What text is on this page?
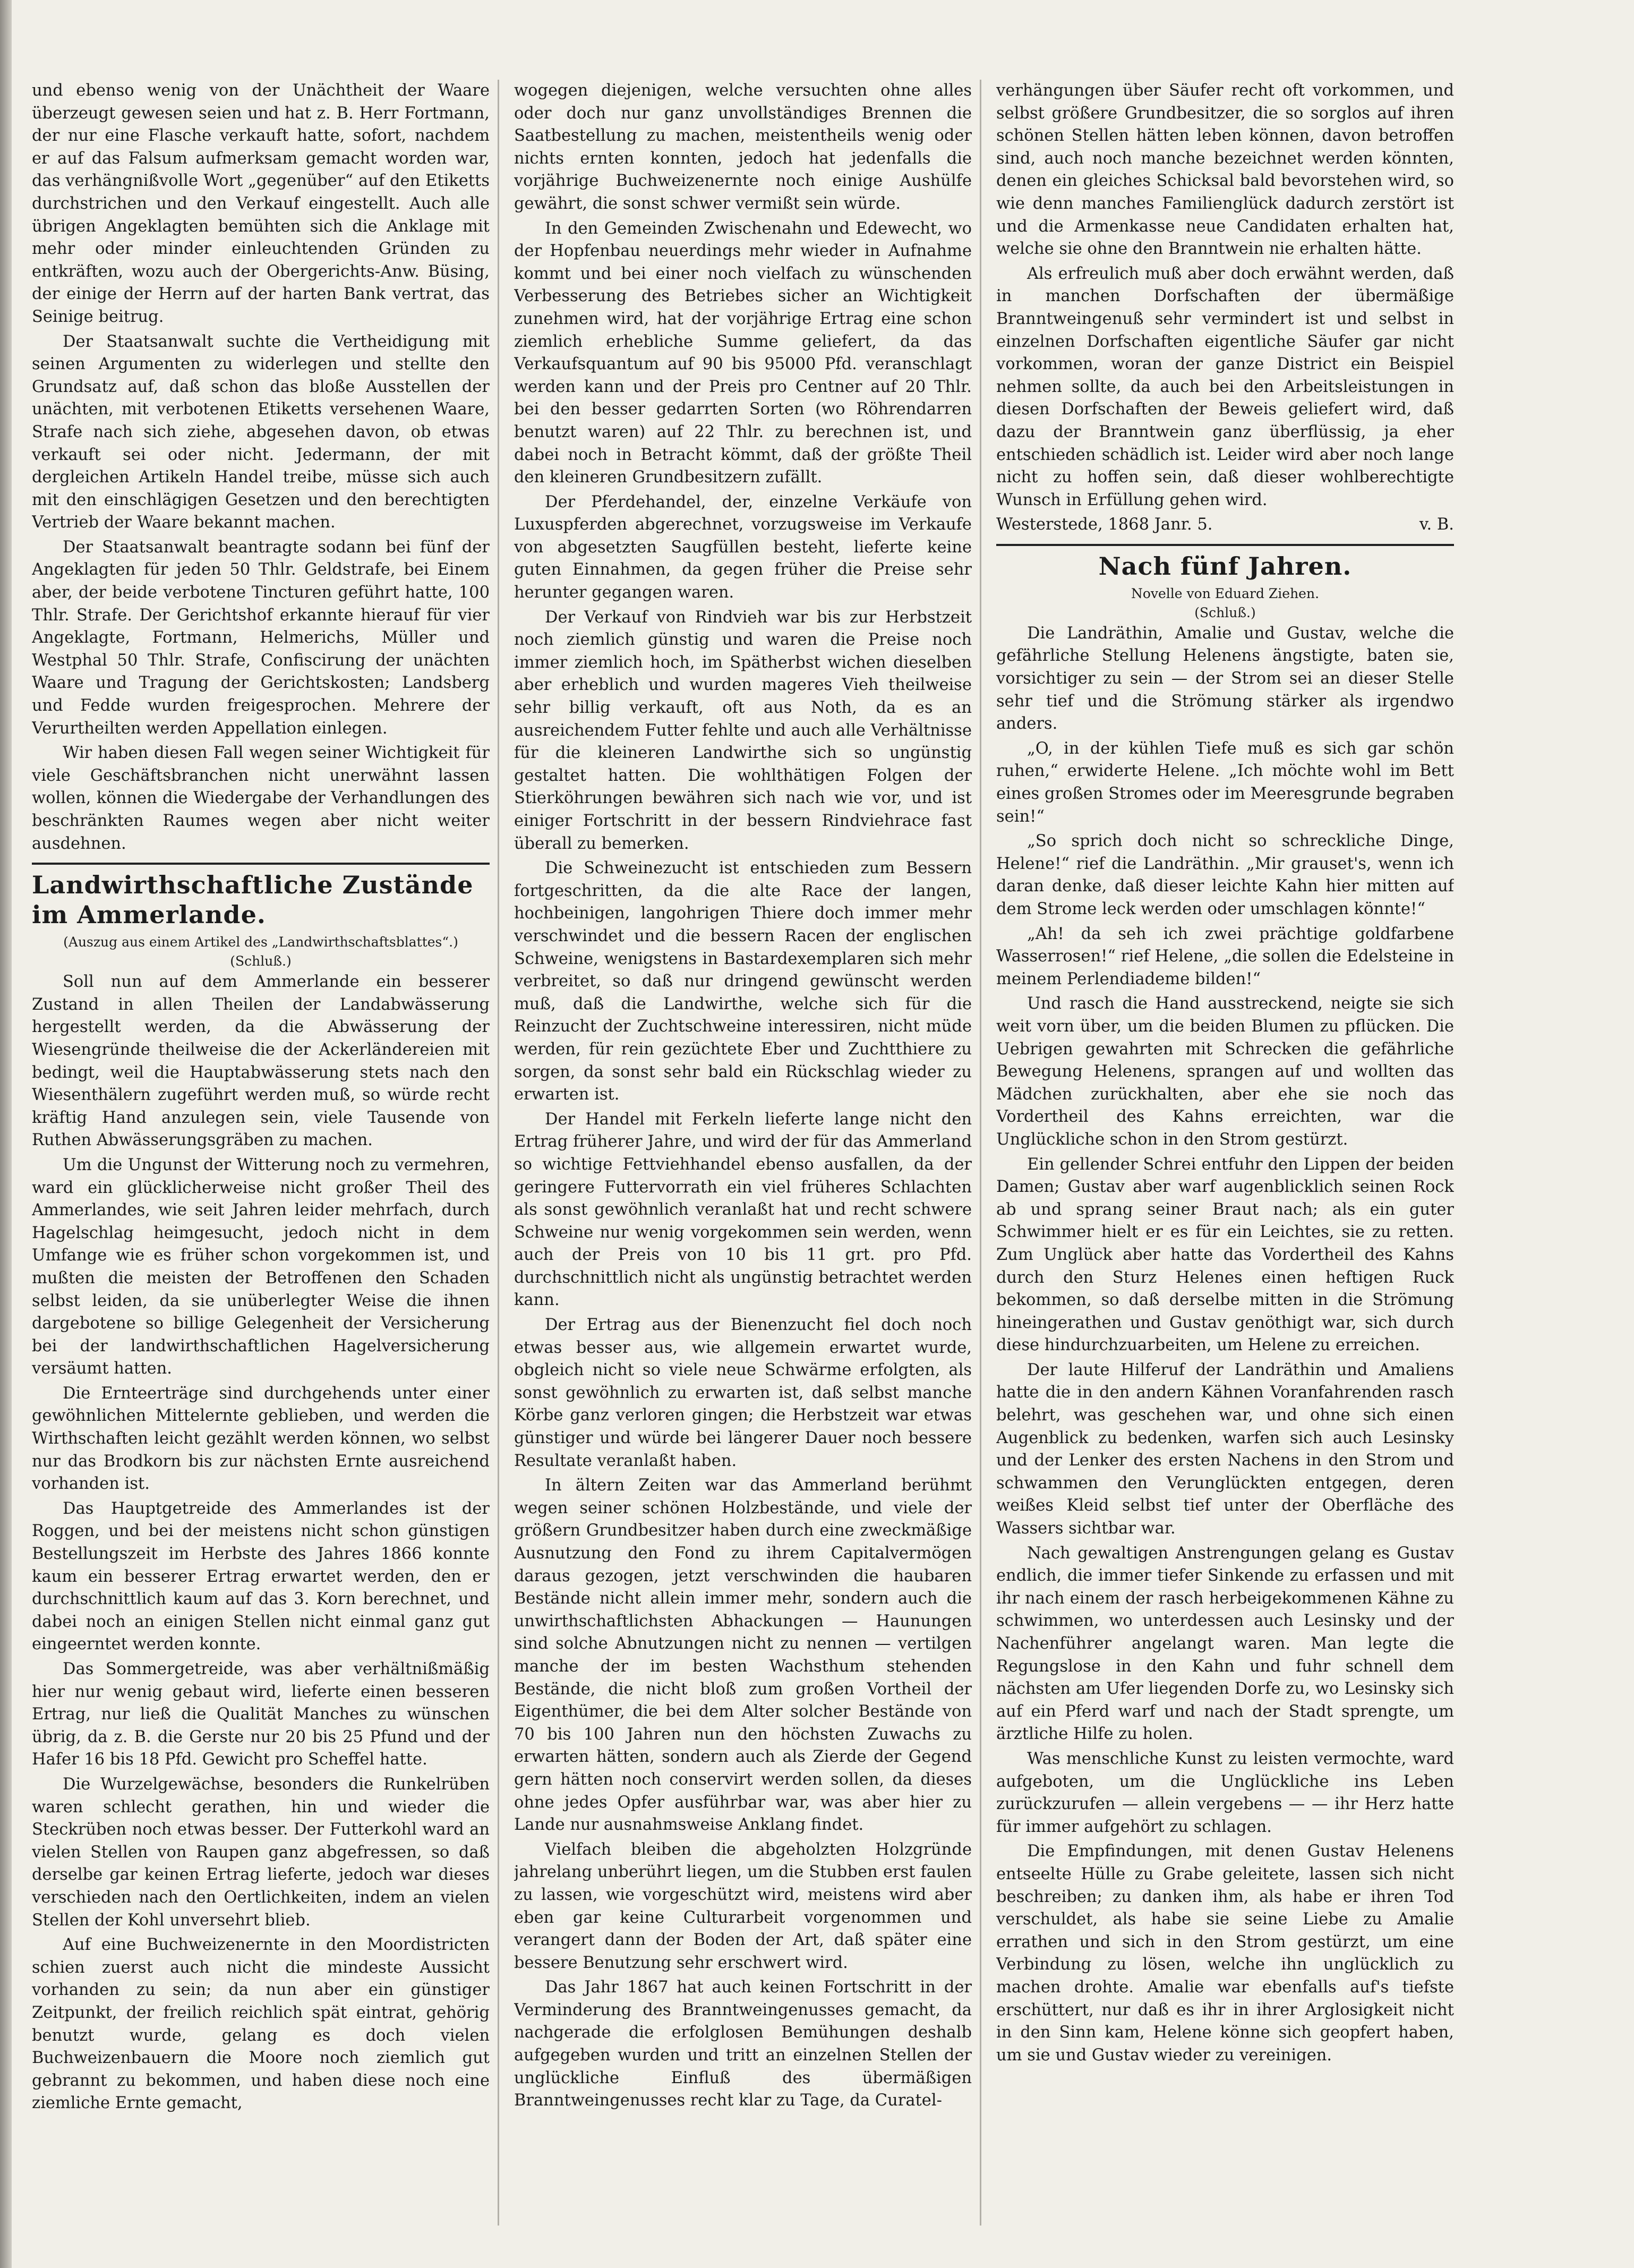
und ebenso wenig von der Unächtheit der Waare überzeugt gewesen seien und hat z. B. Herr Fortmann, der nur eine Flasche verkauft hatte, sofort, nachdem er auf das Falsum aufmerksam gemacht worden war, das verhängnißvolle Wort „gegenüber“ auf den Etiketts durchstrichen und den Verkauf eingestellt. Auch alle übrigen Angeklagten bemühten sich die Anklage mit mehr oder minder einleuchtenden Gründen zu entkräften, wozu auch der Obergerichts-Anw. Büsing, der einige der Herrn auf der harten Bank vertrat, das Seinige beitrug.

Der Staatsanwalt suchte die Vertheidigung mit seinen Argumenten zu widerlegen und stellte den Grundsatz auf, daß schon das bloße Ausstellen der unächten, mit verbotenen Etiketts versehenen Waare, Strafe nach sich ziehe, abgesehen davon, ob etwas verkauft sei oder nicht. Jedermann, der mit dergleichen Artikeln Handel treibe, müsse sich auch mit den einschlägigen Gesetzen und den berechtigten Vertrieb der Waare bekannt machen.

Der Staatsanwalt beantragte sodann bei fünf der Angeklagten für jeden 50 Thlr. Geldstrafe, bei Einem aber, der beide verbotene Tincturen geführt hatte, 100 Thlr. Strafe. Der Gerichtshof erkannte hierauf für vier Angeklagte, Fortmann, Helmerichs, Müller und Westphal 50 Thlr. Strafe, Confiscirung der unächten Waare und Tragung der Gerichtskosten; Landsberg und Fedde wurden freigesprochen. Mehrere der Verurtheilten werden Appellation einlegen.

Wir haben diesen Fall wegen seiner Wichtigkeit für viele Geschäftsbranchen nicht unerwähnt lassen wollen, können die Wiedergabe der Verhandlungen des beschränkten Raumes wegen aber nicht weiter ausdehnen.

Landwirthschaftliche Zustände im Ammerlande.

(Auszug aus einem Artikel des „Landwirthschaftsblattes“.)

(Schluß.)

Soll nun auf dem Ammerlande ein besserer Zustand in allen Theilen der Landabwässerung hergestellt werden, da die Abwässerung der Wiesengründe theilweise die der Ackerländereien mit bedingt, weil die Hauptabwässerung stets nach den Wiesenthälern zugeführt werden muß, so würde recht kräftig Hand anzulegen sein, viele Tausende von Ruthen Abwässerungsgräben zu machen.

Um die Ungunst der Witterung noch zu vermehren, ward ein glücklicherweise nicht großer Theil des Ammerlandes, wie seit Jahren leider mehrfach, durch Hagelschlag heimgesucht, jedoch nicht in dem Umfange wie es früher schon vorgekommen ist, und mußten die meisten der Betroffenen den Schaden selbst leiden, da sie unüberlegter Weise die ihnen dargebotene so billige Gelegenheit der Versicherung bei der landwirthschaftlichen Hagelversicherung versäumt hatten.

Die Ernteerträge sind durchgehends unter einer gewöhnlichen Mittelernte geblieben, und werden die Wirthschaften leicht gezählt werden können, wo selbst nur das Brodkorn bis zur nächsten Ernte ausreichend vorhanden ist.

Das Hauptgetreide des Ammerlandes ist der Roggen, und bei der meistens nicht schon günstigen Bestellungszeit im Herbste des Jahres 1866 konnte kaum ein besserer Ertrag erwartet werden, den er durchschnittlich kaum auf das 3. Korn berechnet, und dabei noch an einigen Stellen nicht einmal ganz gut eingeerntet werden konnte.

Das Sommergetreide, was aber verhältnißmäßig hier nur wenig gebaut wird, lieferte einen besseren Ertrag, nur ließ die Qualität Manches zu wünschen übrig, da z. B. die Gerste nur 20 bis 25 Pfund und der Hafer 16 bis 18 Pfd. Gewicht pro Scheffel hatte.

Die Wurzelgewächse, besonders die Runkelrüben waren schlecht gerathen, hin und wieder die Steckrüben noch etwas besser. Der Futterkohl ward an vielen Stellen von Raupen ganz abgefressen, so daß derselbe gar keinen Ertrag lieferte, jedoch war dieses verschieden nach den Oertlichkeiten, indem an vielen Stellen der Kohl unversehrt blieb.

Auf eine Buchweizenernte in den Moordistricten schien zuerst auch nicht die mindeste Aussicht vorhanden zu sein; da nun aber ein günstiger Zeitpunkt, der freilich reichlich spät eintrat, gehörig benutzt wurde, gelang es doch vielen Buchweizenbauern die Moore noch ziemlich gut gebrannt zu bekommen, und haben diese noch eine ziemliche Ernte gemacht,

wogegen diejenigen, welche versuchten ohne alles oder doch nur ganz unvollständiges Brennen die Saatbestellung zu machen, meistentheils wenig oder nichts ernten konnten, jedoch hat jedenfalls die vorjährige Buchweizenernte noch einige Aushülfe gewährt, die sonst schwer vermißt sein würde.

In den Gemeinden Zwischenahn und Edewecht, wo der Hopfenbau neuerdings mehr wieder in Aufnahme kommt und bei einer noch vielfach zu wünschenden Verbesserung des Betriebes sicher an Wichtigkeit zunehmen wird, hat der vorjährige Ertrag eine schon ziemlich erhebliche Summe geliefert, da das Verkaufsquantum auf 90 bis 95000 Pfd. veranschlagt werden kann und der Preis pro Centner auf 20 Thlr. bei den besser gedarrten Sorten (wo Röhrendarren benutzt waren) auf 22 Thlr. zu berechnen ist, und dabei noch in Betracht kömmt, daß der größte Theil den kleineren Grundbesitzern zufällt.

Der Pferdehandel, der, einzelne Verkäufe von Luxuspferden abgerechnet, vorzugsweise im Verkaufe von abgesetzten Saugfüllen besteht, lieferte keine guten Einnahmen, da gegen früher die Preise sehr herunter gegangen waren.

Der Verkauf von Rindvieh war bis zur Herbstzeit noch ziemlich günstig und waren die Preise noch immer ziemlich hoch, im Spätherbst wichen dieselben aber erheblich und wurden mageres Vieh theilweise sehr billig verkauft, oft aus Noth, da es an ausreichendem Futter fehlte und auch alle Verhältnisse für die kleineren Landwirthe sich so ungünstig gestaltet hatten. Die wohlthätigen Folgen der Stierköhrungen bewähren sich nach wie vor, und ist einiger Fortschritt in der bessern Rindviehrace fast überall zu bemerken.

Die Schweinezucht ist entschieden zum Bessern fortgeschritten, da die alte Race der langen, hochbeinigen, langohrigen Thiere doch immer mehr verschwindet und die bessern Racen der englischen Schweine, wenigstens in Bastardexemplaren sich mehr verbreitet, so daß nur dringend gewünscht werden muß, daß die Landwirthe, welche sich für die Reinzucht der Zuchtschweine interessiren, nicht müde werden, für rein gezüchtete Eber und Zuchtthiere zu sorgen, da sonst sehr bald ein Rückschlag wieder zu erwarten ist.

Der Handel mit Ferkeln lieferte lange nicht den Ertrag früherer Jahre, und wird der für das Ammerland so wichtige Fettviehhandel ebenso ausfallen, da der geringere Futtervorrath ein viel früheres Schlachten als sonst gewöhnlich veranlaßt hat und recht schwere Schweine nur wenig vorgekommen sein werden, wenn auch der Preis von 10 bis 11 grt. pro Pfd. durchschnittlich nicht als ungünstig betrachtet werden kann.

Der Ertrag aus der Bienenzucht fiel doch noch etwas besser aus, wie allgemein erwartet wurde, obgleich nicht so viele neue Schwärme erfolgten, als sonst gewöhnlich zu erwarten ist, daß selbst manche Körbe ganz verloren gingen; die Herbstzeit war etwas günstiger und würde bei längerer Dauer noch bessere Resultate veranlaßt haben.

In ältern Zeiten war das Ammerland berühmt wegen seiner schönen Holzbestände, und viele der größern Grundbesitzer haben durch eine zweckmäßige Ausnutzung den Fond zu ihrem Capitalvermögen daraus gezogen, jetzt verschwinden die haubaren Bestände nicht allein immer mehr, sondern auch die unwirthschaftlichsten Abhackungen — Haunungen sind solche Abnutzungen nicht zu nennen — vertilgen manche der im besten Wachsthum stehenden Bestände, die nicht bloß zum großen Vortheil der Eigenthümer, die bei dem Alter solcher Bestände von 70 bis 100 Jahren nun den höchsten Zuwachs zu erwarten hätten, sondern auch als Zierde der Gegend gern hätten noch conservirt werden sollen, da dieses ohne jedes Opfer ausführbar war, was aber hier zu Lande nur ausnahmsweise Anklang findet.

Vielfach bleiben die abgeholzten Holzgründe jahrelang unberührt liegen, um die Stubben erst faulen zu lassen, wie vorgeschützt wird, meistens wird aber eben gar keine Culturarbeit vorgenommen und verangert dann der Boden der Art, daß später eine bessere Benutzung sehr erschwert wird.

Das Jahr 1867 hat auch keinen Fortschritt in der Verminderung des Branntweingenusses gemacht, da nachgerade die erfolglosen Bemühungen deshalb aufgegeben wurden und tritt an einzelnen Stellen der unglückliche Einfluß des übermäßigen Branntweingenusses recht klar zu Tage, da Curatel-

verhängungen über Säufer recht oft vorkommen, und selbst größere Grundbesitzer, die so sorglos auf ihren schönen Stellen hätten leben können, davon betroffen sind, auch noch manche bezeichnet werden könnten, denen ein gleiches Schicksal bald bevorstehen wird, so wie denn manches Familienglück dadurch zerstört ist und die Armenkasse neue Candidaten erhalten hat, welche sie ohne den Branntwein nie erhalten hätte.

Als erfreulich muß aber doch erwähnt werden, daß in manchen Dorfschaften der übermäßige Branntweingenuß sehr vermindert ist und selbst in einzelnen Dorfschaften eigentliche Säufer gar nicht vorkommen, woran der ganze District ein Beispiel nehmen sollte, da auch bei den Arbeitsleistungen in diesen Dorfschaften der Beweis geliefert wird, daß dazu der Branntwein ganz überflüssig, ja eher entschieden schädlich ist. Leider wird aber noch lange nicht zu hoffen sein, daß dieser wohlberechtigte Wunsch in Erfüllung gehen wird.

Westerstede, 1868 Janr. 5.	v. B.

Nach fünf Jahren.

Novelle von Eduard Ziehen.

(Schluß.)

Die Landräthin, Amalie und Gustav, welche die gefährliche Stellung Helenens ängstigte, baten sie, vorsichtiger zu sein — der Strom sei an dieser Stelle sehr tief und die Strömung stärker als irgendwo anders.

„O, in der kühlen Tiefe muß es sich gar schön ruhen,“ erwiderte Helene. „Ich möchte wohl im Bett eines großen Stromes oder im Meeresgrunde begraben sein!“

„So sprich doch nicht so schreckliche Dinge, Helene!“ rief die Landräthin. „Mir grauset's, wenn ich daran denke, daß dieser leichte Kahn hier mitten auf dem Strome leck werden oder umschlagen könnte!“

„Ah! da seh ich zwei prächtige goldfarbene Wasserrosen!“ rief Helene, „die sollen die Edelsteine in meinem Perlendiademe bilden!“

Und rasch die Hand ausstreckend, neigte sie sich weit vorn über, um die beiden Blumen zu pflücken. Die Uebrigen gewahrten mit Schrecken die gefährliche Bewegung Helenens, sprangen auf und wollten das Mädchen zurückhalten, aber ehe sie noch das Vordertheil des Kahns erreichten, war die Unglückliche schon in den Strom gestürzt.

Ein gellender Schrei entfuhr den Lippen der beiden Damen; Gustav aber warf augenblicklich seinen Rock ab und sprang seiner Braut nach; als ein guter Schwimmer hielt er es für ein Leichtes, sie zu retten. Zum Unglück aber hatte das Vordertheil des Kahns durch den Sturz Helenes einen heftigen Ruck bekommen, so daß derselbe mitten in die Strömung hineingerathen und Gustav genöthigt war, sich durch diese hindurchzuarbeiten, um Helene zu erreichen.

Der laute Hilferuf der Landräthin und Amaliens hatte die in den andern Kähnen Voranfahrenden rasch belehrt, was geschehen war, und ohne sich einen Augenblick zu bedenken, warfen sich auch Lesinsky und der Lenker des ersten Nachens in den Strom und schwammen den Verunglückten entgegen, deren weißes Kleid selbst tief unter der Oberfläche des Wassers sichtbar war.

Nach gewaltigen Anstrengungen gelang es Gustav endlich, die immer tiefer Sinkende zu erfassen und mit ihr nach einem der rasch herbeigekommenen Kähne zu schwimmen, wo unterdessen auch Lesinsky und der Nachenführer angelangt waren. Man legte die Regungslose in den Kahn und fuhr schnell dem nächsten am Ufer liegenden Dorfe zu, wo Lesinsky sich auf ein Pferd warf und nach der Stadt sprengte, um ärztliche Hilfe zu holen.

Was menschliche Kunst zu leisten vermochte, ward aufgeboten, um die Unglückliche ins Leben zurückzurufen — allein vergebens — — ihr Herz hatte für immer aufgehört zu schlagen.

Die Empfindungen, mit denen Gustav Helenens entseelte Hülle zu Grabe geleitete, lassen sich nicht beschreiben; zu danken ihm, als habe er ihren Tod verschuldet, als habe sie seine Liebe zu Amalie errathen und sich in den Strom gestürzt, um eine Verbindung zu lösen, welche ihn unglücklich zu machen drohte. Amalie war ebenfalls auf's tiefste erschüttert, nur daß es ihr in ihrer Arglosigkeit nicht in den Sinn kam, Helene könne sich geopfert haben, um sie und Gustav wieder zu vereinigen.
